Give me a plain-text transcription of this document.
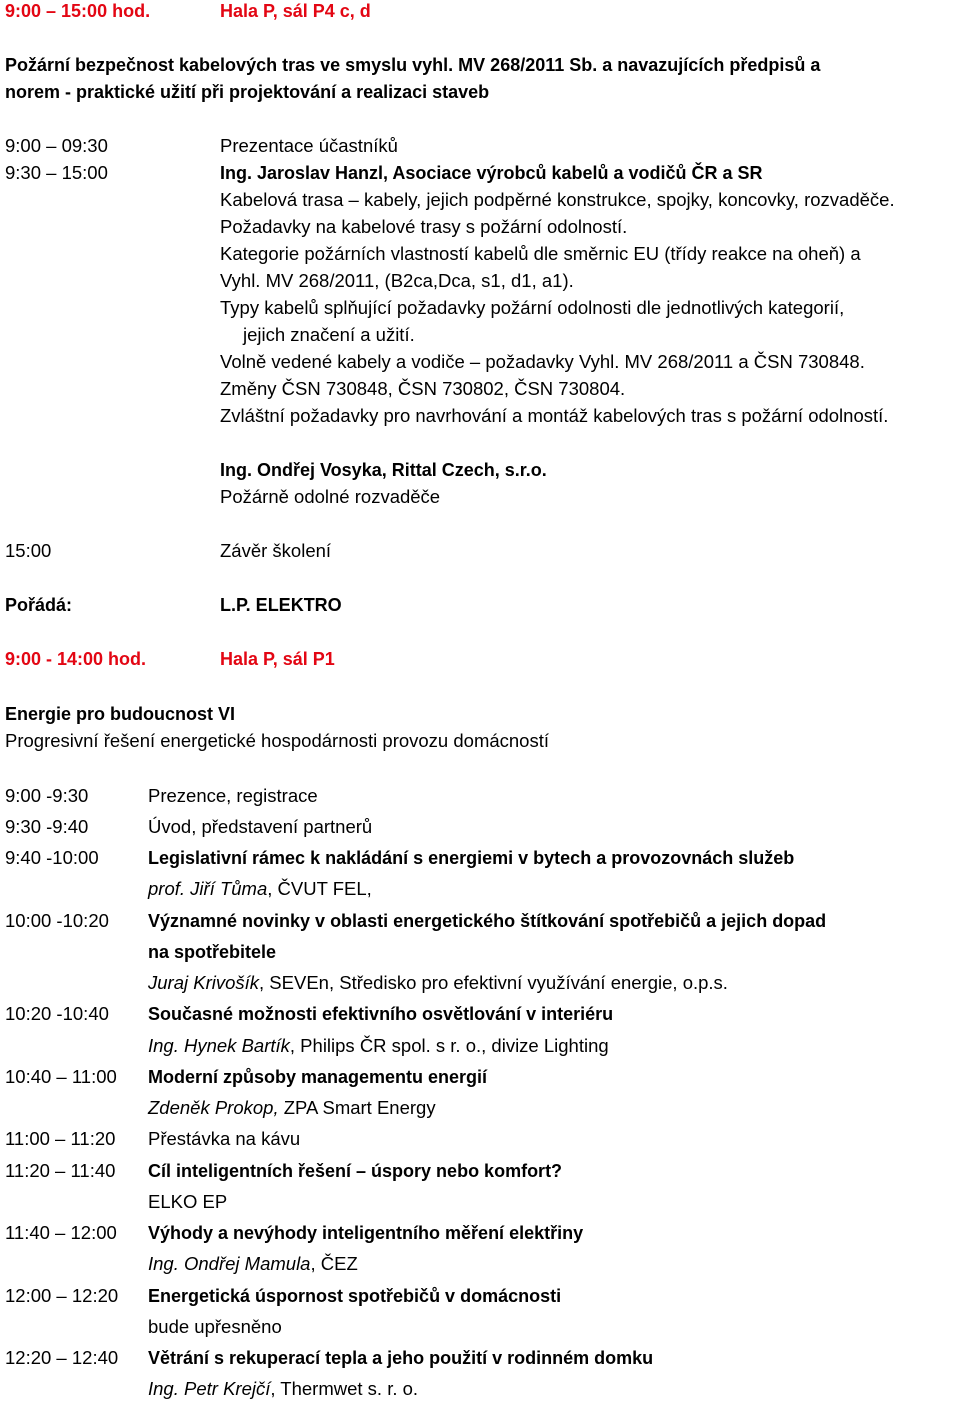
9:00 – 15:00 hod.	Hala P, sál P4 c, d
Požární bezpečnost kabelových tras ve smyslu vyhl. MV 268/2011 Sb. a navazujících předpisů a
norem - praktické užití při projektování a realizaci staveb
9:00 – 09:30	Prezentace účastníků
9:30 – 15:00	Ing. Jaroslav Hanzl, Asociace výrobců kabelů a vodičů ČR a SR
Kabelová trasa – kabely, jejich podpěrné konstrukce, spojky, koncovky, rozvaděče.
Požadavky na kabelové trasy s požární odolností.
Kategorie požárních vlastností kabelů dle směrnic EU (třídy reakce na oheň) a
Vyhl. MV 268/2011, (B2ca,Dca, s1, d1, a1).
Typy kabelů splňující požadavky požární odolnosti dle jednotlivých kategorií,
jejich značení a užití.
Volně vedené kabely a vodiče – požadavky Vyhl. MV 268/2011 a ČSN 730848.
Změny ČSN 730848, ČSN 730802, ČSN 730804.
Zvláštní požadavky pro navrhování a montáž kabelových tras s požární odolností.
Ing. Ondřej Vosyka, Rittal Czech, s.r.o.
Požárně odolné rozvaděče
15:00	Závěr školení
Pořádá:	L.P. ELEKTRO
9:00 - 14:00 hod.	Hala P, sál P1
Energie pro budoucnost VI
Progresivní řešení energetické hospodárnosti provozu domácností
9:00 -9:30	Prezence, registrace
9:30 -9:40	Úvod, představení partnerů
9:40 -10:00	Legislativní rámec k nakládání s energiemi v bytech a provozovnách služeb
prof. Jiří Tůma, ČVUT FEL,
10:00 -10:20 Významné novinky v oblasti energetického štítkování spotřebičů a jejich dopad
na spotřebitele
Juraj Krivošík, SEVEn, Středisko pro efektivní využívání energie, o.p.s.
10:20 -10:40 Současné možnosti efektivního osvětlování v interiéru
Ing. Hynek Bartík, Philips ČR spol. s r. o., divize Lighting
10:40 – 11:00 Moderní způsoby managementu energií
Zdeněk Prokop, ZPA Smart Energy
11:00 – 11:20 Přestávka na kávu
11:20 – 11:40 Cíl inteligentních řešení – úspory nebo komfort?
ELKO EP
11:40 – 12:00 Výhody a nevýhody inteligentního měření elektřiny
Ing. Ondřej Mamula, ČEZ
12:00 – 12:20 Energetická úspornost spotřebičů v domácnosti
bude upřesněno
12:20 – 12:40 Větrání s rekuperací tepla a jeho použití v rodinném domku
Ing. Petr Krejčí, Thermwet s. r. o.
